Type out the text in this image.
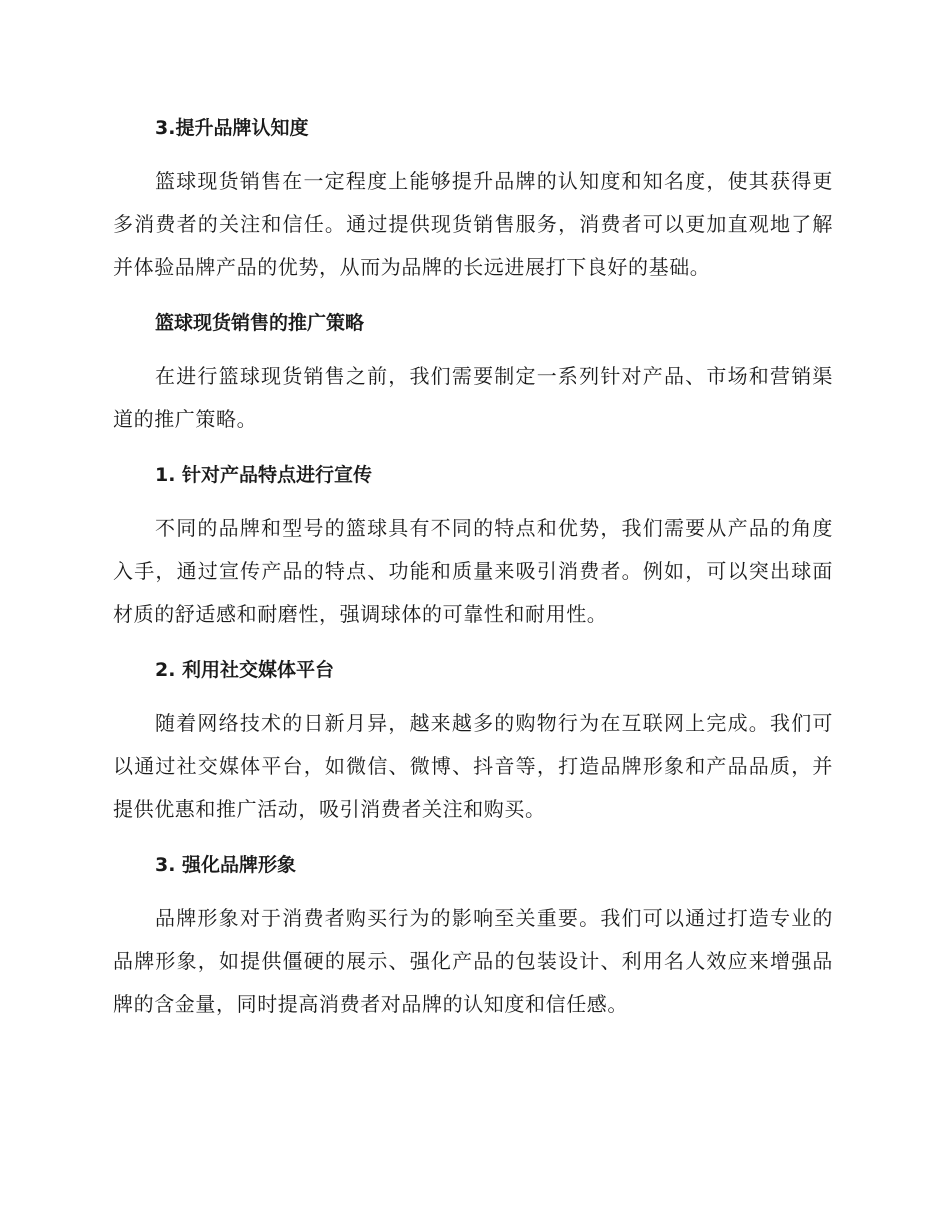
3.提升品牌认知度

篮球现货销售在一定程度上能够提升品牌的认知度和知名度，使其获得更多消费者的关注和信任。通过提供现货销售服务，消费者可以更加直观地了解并体验品牌产品的优势，从而为品牌的长远进展打下良好的基础。

篮球现货销售的推广策略

在进行篮球现货销售之前，我们需要制定一系列针对产品、市场和营销渠道的推广策略。

1. 针对产品特点进行宣传

不同的品牌和型号的篮球具有不同的特点和优势，我们需要从产品的角度入手，通过宣传产品的特点、功能和质量来吸引消费者。例如，可以突出球面材质的舒适感和耐磨性，强调球体的可靠性和耐用性。

2. 利用社交媒体平台

随着网络技术的日新月异，越来越多的购物行为在互联网上完成。我们可以通过社交媒体平台，如微信、微博、抖音等，打造品牌形象和产品品质，并提供优惠和推广活动，吸引消费者关注和购买。

3. 强化品牌形象

品牌形象对于消费者购买行为的影响至关重要。我们可以通过打造专业的品牌形象，如提供僵硬的展示、强化产品的包装设计、利用名人效应来增强品牌的含金量，同时提高消费者对品牌的认知度和信任感。
